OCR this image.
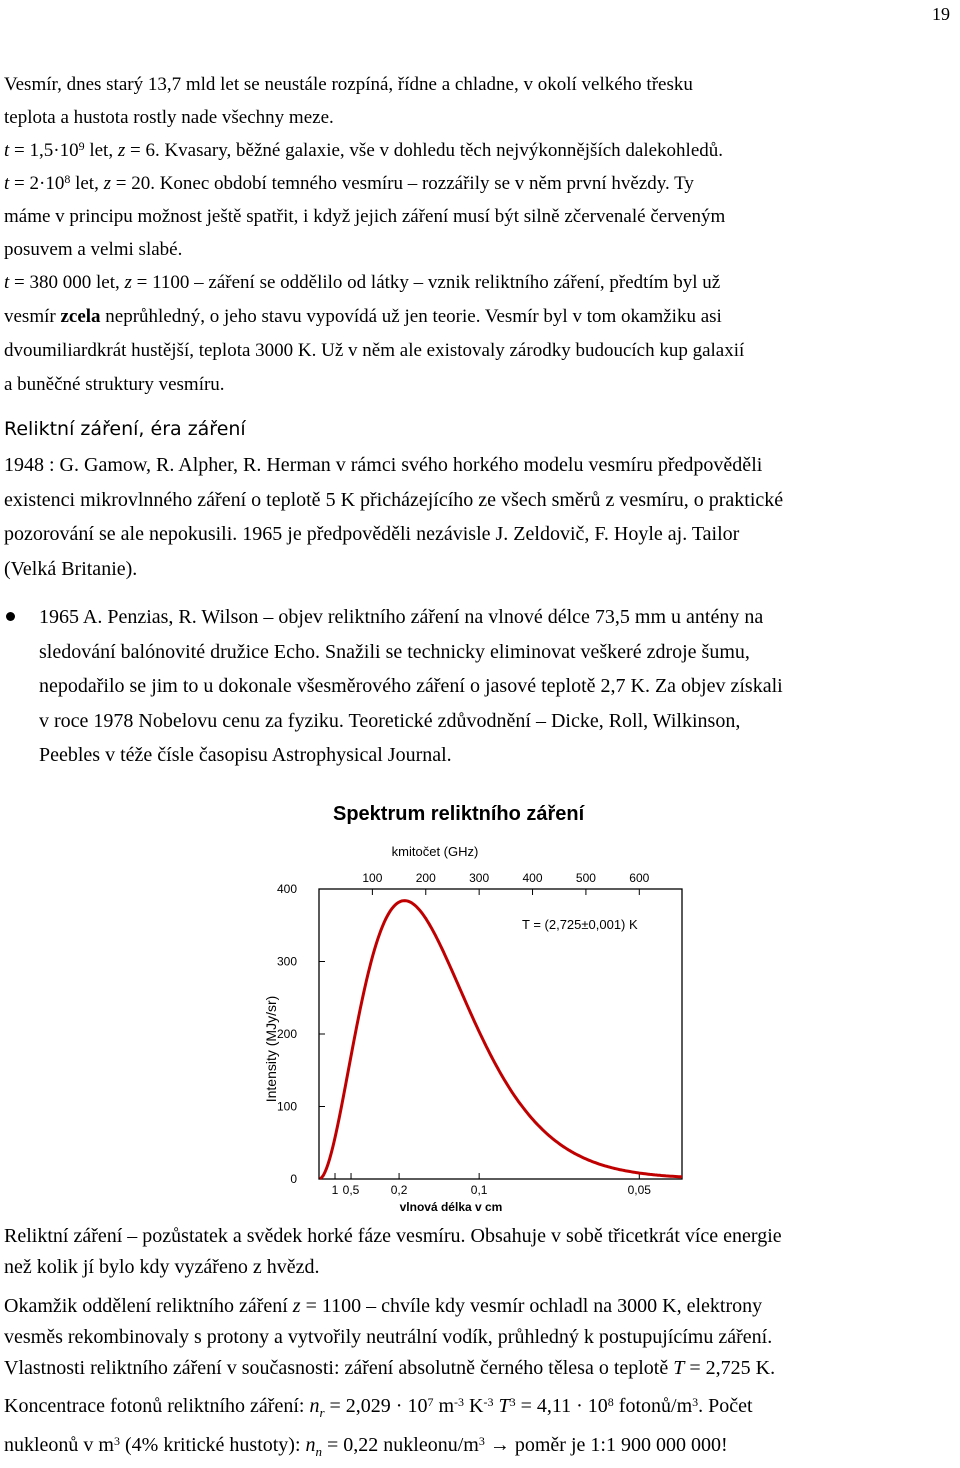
19

Vesmír, dnes starý 13,7 mld let se neustále rozpíná, řídne a chladne, v okolí velkého třesku
teplota a hustota rostly nade všechny meze.

$t = 1,5\cdot 10^9$ let, z = 6. Kvasary, běžné galaxie, vše v dohledu těch nejvýkonnějších dalekohledů.

$t = 2\cdot 10^8$ let, z = 20. Konec období temného vesmíru – rozzářily se v něm první hvězdy. Ty
máme v principu možnost ještě spatřit, i když jejich záření musí být silně zčervenalé červeným
posuvem a velmi slabé.

t = 380 000 let, z = 1100 – záření se oddělilo od látky – vznik reliktního záření, předtím byl už
vesmír zcela neprůhledný, o jeho stavu vypovídá už jen teorie. Vesmír byl v tom okamžiku asi
dvoumiliardkrát hustější, teplota 3000 K. Už v něm ale existovaly zárodky budoucích kup galaxií
a buněčné struktury vesmíru.

Reliktní záření, éra záření

1948 : G. Gamow, R. Alpher, R. Herman v rámci svého horkého modelu vesmíru předpověděli
existenci mikrovlnného záření o teplotě 5 K přicházejícího ze všech směrů z vesmíru, o praktické
pozorování se ale nepokusili. 1965 je předpověděli nezávisle J. Zeldovič, F. Hoyle aj. Tailor
(Velká Britanie).

1965 A. Penzias, R. Wilson – objev reliktního záření na vlnové délce 73,5 mm u antény na
sledování balónovité družice Echo. Snažili se technicky eliminovat veškeré zdroje šumu,
nepodařilo se jim to u dokonale všesměrového záření o jasové teplotě 2,7 K. Za objev získali
v roce 1978 Nobelovu cenu za fyziku. Teoretické zdůvodnění – Dicke, Roll, Wilkinson,
Peebles v téže čísle časopisu Astrophysical Journal.
Spektrum reliktního záření
kmitočet (GHz)
vlnová délka v cm
Intensity (MJy/sr)
100	200	300	400	500	600
1 0,5	0,2	0,1	0,05
0
100
200
300
400
T = (2,725±0,001) K

Reliktní záření – pozůstatek a svědek horké fáze vesmíru. Obsahuje v sobě třicetkrát více energie
než kolik jí bylo kdy vyzářeno z hvězd.

Okamžik oddělení reliktního záření z = 1100 – chvíle kdy vesmír ochladl na 3000 K, elektrony
vesměs rekombinovaly s protony a vytvořily neutrální vodík, průhledný k postupujícímu záření.
Vlastnosti reliktního záření v současnosti: záření absolutně černého tělesa o teplotě T = 2,725 K.

Koncentrace fotonů reliktního záření: $n_r = 2,029 \cdot 10^7$ $m^{-3}$ $K^{-3}$ $T^3 = 4,11 \cdot 10^8$ fotonů/$m^3$. Počet
nukleonů v $m^3$ (4% kritické hustoty): $n_n = 0,22$ nukleonu/$m^3$ → poměr je 1:1 900 000 000!
